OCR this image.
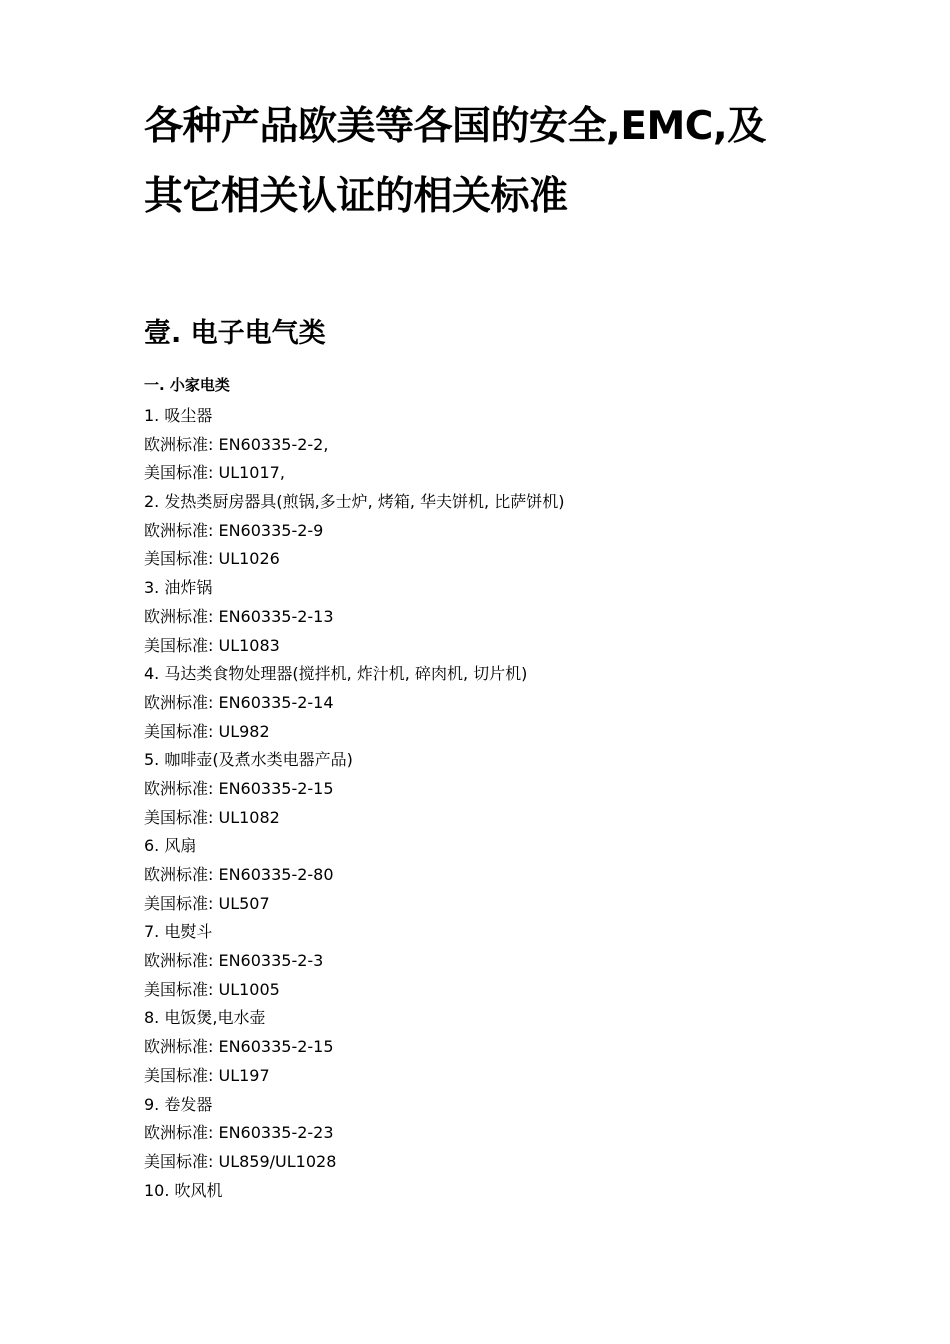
各种产品欧美等各国的安全,EMC,及
其它相关认证的相关标准
壹. 电子电气类
一. 小家电类
1. 吸尘器
欧洲标准: EN60335-2-2,
美国标准: UL1017,
2. 发热类厨房器具(煎锅,多士炉, 烤箱, 华夫饼机, 比萨饼机)
欧洲标准: EN60335-2-9
美国标准: UL1026
3. 油炸锅
欧洲标准: EN60335-2-13
美国标准: UL1083
4. 马达类食物处理器(搅拌机, 炸汁机, 碎肉机, 切片机)
欧洲标准: EN60335-2-14
美国标准: UL982
5. 咖啡壶(及煮水类电器产品)
欧洲标准: EN60335-2-15
美国标准: UL1082
6. 风扇
欧洲标准: EN60335-2-80
美国标准: UL507
7. 电熨斗
欧洲标准: EN60335-2-3
美国标准: UL1005
8. 电饭煲,电水壶
欧洲标准: EN60335-2-15
美国标准: UL197
9. 卷发器
欧洲标准: EN60335-2-23
美国标准: UL859/UL1028
10. 吹风机
